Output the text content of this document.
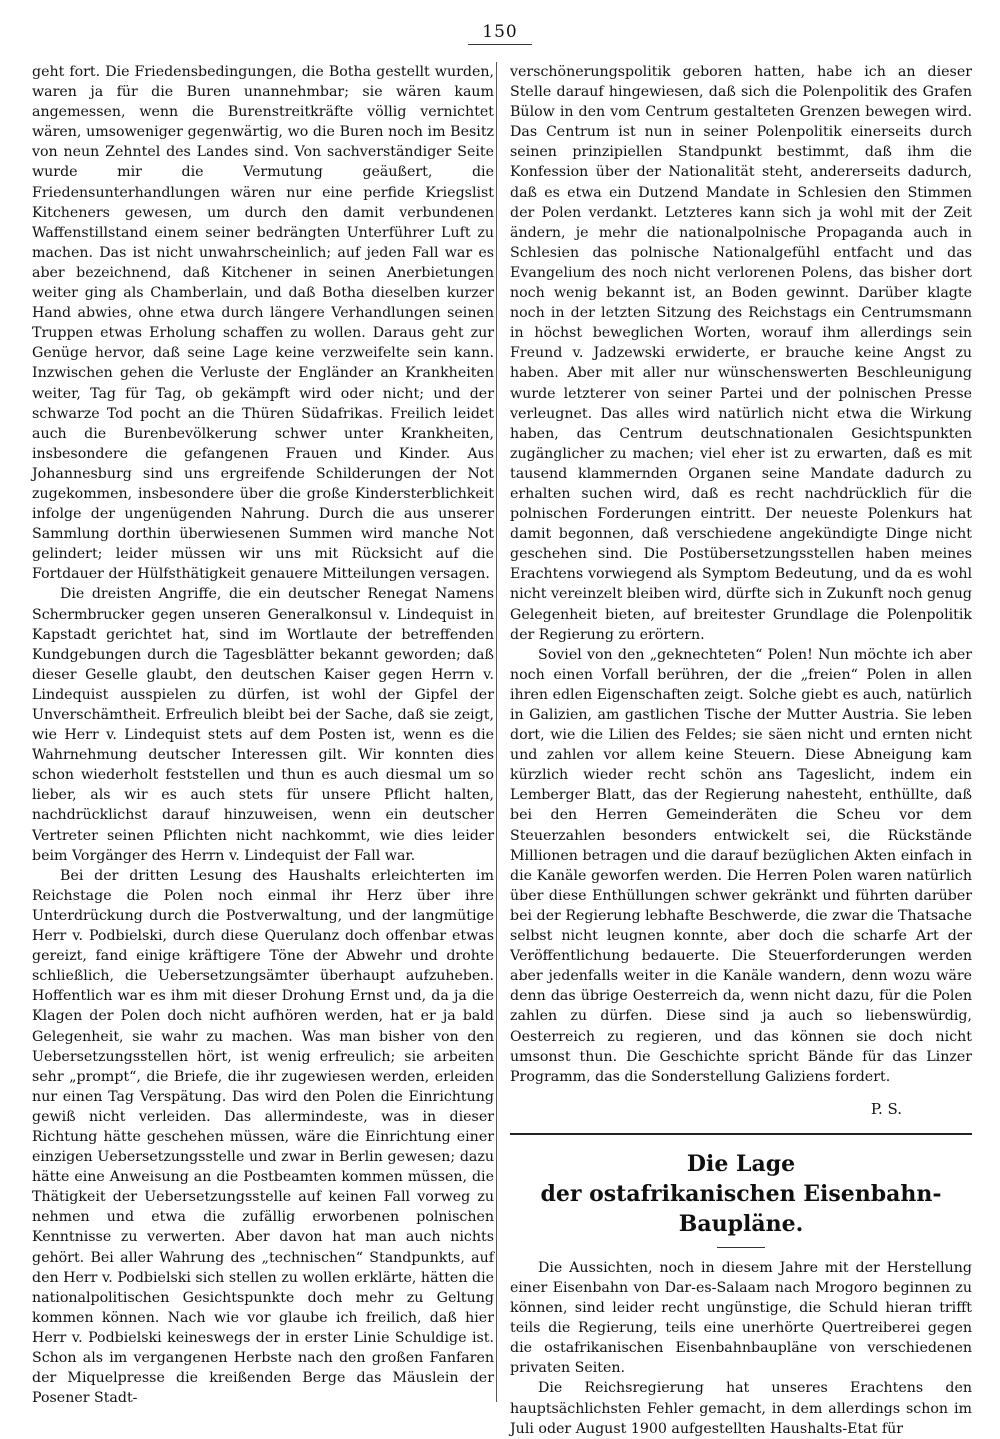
150

geht fort. Die Friedensbedingungen, die Botha gestellt wurden, waren ja für die Buren unannehmbar; sie wären kaum angemessen, wenn die Burenstreitkräfte völlig vernichtet wären, umsoweniger gegenwärtig, wo die Buren noch im Besitz von neun Zehntel des Landes sind. Von sachverständiger Seite wurde mir die Vermutung geäußert, die Friedensunterhandlungen wären nur eine perfide Kriegslist Kitcheners gewesen, um durch den damit verbundenen Waffenstillstand einem seiner bedrängten Unterführer Luft zu machen. Das ist nicht unwahrscheinlich; auf jeden Fall war es aber bezeichnend, daß Kitchener in seinen Anerbietungen weiter ging als Chamberlain, und daß Botha dieselben kurzer Hand abwies, ohne etwa durch längere Verhandlungen seinen Truppen etwas Erholung schaffen zu wollen. Daraus geht zur Genüge hervor, daß seine Lage keine verzweifelte sein kann. Inzwischen gehen die Verluste der Engländer an Krankheiten weiter, Tag für Tag, ob gekämpft wird oder nicht; und der schwarze Tod pocht an die Thüren Südafrikas. Freilich leidet auch die Burenbevölkerung schwer unter Krankheiten, insbesondere die gefangenen Frauen und Kinder. Aus Johannesburg sind uns ergreifende Schilderungen der Not zugekommen, insbesondere über die große Kindersterblichkeit infolge der ungenügenden Nahrung. Durch die aus unserer Sammlung dorthin überwiesenen Summen wird manche Not gelindert; leider müssen wir uns mit Rücksicht auf die Fortdauer der Hülfsthätigkeit genauere Mitteilungen versagen.

Die dreisten Angriffe, die ein deutscher Renegat Namens Schermbrucker gegen unseren Generalkonsul v. Lindequist in Kapstadt gerichtet hat, sind im Wortlaute der betreffenden Kundgebungen durch die Tagesblätter bekannt geworden; daß dieser Geselle glaubt, den deutschen Kaiser gegen Herrn v. Lindequist ausspielen zu dürfen, ist wohl der Gipfel der Unverschämtheit. Erfreulich bleibt bei der Sache, daß sie zeigt, wie Herr v. Lindequist stets auf dem Posten ist, wenn es die Wahrnehmung deutscher Interessen gilt. Wir konnten dies schon wiederholt feststellen und thun es auch diesmal um so lieber, als wir es auch stets für unsere Pflicht halten, nachdrücklichst darauf hinzuweisen, wenn ein deutscher Vertreter seinen Pflichten nicht nachkommt, wie dies leider beim Vorgänger des Herrn v. Lindequist der Fall war.

Bei der dritten Lesung des Haushalts erleichterten im Reichstage die Polen noch einmal ihr Herz über ihre Unterdrückung durch die Postverwaltung, und der langmütige Herr v. Podbielski, durch diese Querulanz doch offenbar etwas gereizt, fand einige kräftigere Töne der Abwehr und drohte schließlich, die Uebersetzungsämter überhaupt aufzuheben. Hoffentlich war es ihm mit dieser Drohung Ernst und, da ja die Klagen der Polen doch nicht aufhören werden, hat er ja bald Gelegenheit, sie wahr zu machen. Was man bisher von den Uebersetzungsstellen hört, ist wenig erfreulich; sie arbeiten sehr „prompt“, die Briefe, die ihr zugewiesen werden, erleiden nur einen Tag Verspätung. Das wird den Polen die Einrichtung gewiß nicht verleiden. Das allermindeste, was in dieser Richtung hätte geschehen müssen, wäre die Einrichtung einer einzigen Uebersetzungsstelle und zwar in Berlin gewesen; dazu hätte eine Anweisung an die Postbeamten kommen müssen, die Thätigkeit der Uebersetzungsstelle auf keinen Fall vorweg zu nehmen und etwa die zufällig erworbenen polnischen Kenntnisse zu verwerten. Aber davon hat man auch nichts gehört. Bei aller Wahrung des „technischen“ Standpunkts, auf den Herr v. Podbielski sich stellen zu wollen erklärte, hätten die nationalpolitischen Gesichtspunkte doch mehr zu Geltung kommen können. Nach wie vor glaube ich freilich, daß hier Herr v. Podbielski keineswegs der in erster Linie Schuldige ist. Schon als im vergangenen Herbste nach den großen Fanfaren der Miquelpresse die kreißenden Berge das Mäuslein der Posener Stadt-

verschönerungspolitik geboren hatten, habe ich an dieser Stelle darauf hingewiesen, daß sich die Polenpolitik des Grafen Bülow in den vom Centrum gestalteten Grenzen bewegen wird. Das Centrum ist nun in seiner Polenpolitik einerseits durch seinen prinzipiellen Standpunkt bestimmt, daß ihm die Konfession über der Nationalität steht, andererseits dadurch, daß es etwa ein Dutzend Mandate in Schlesien den Stimmen der Polen verdankt. Letzteres kann sich ja wohl mit der Zeit ändern, je mehr die nationalpolnische Propaganda auch in Schlesien das polnische Nationalgefühl entfacht und das Evangelium des noch nicht verlorenen Polens, das bisher dort noch wenig bekannt ist, an Boden gewinnt. Darüber klagte noch in der letzten Sitzung des Reichstags ein Centrumsmann in höchst beweglichen Worten, worauf ihm allerdings sein Freund v. Jadzewski erwiderte, er brauche keine Angst zu haben. Aber mit aller nur wünschenswerten Beschleunigung wurde letzterer von seiner Partei und der polnischen Presse verleugnet. Das alles wird natürlich nicht etwa die Wirkung haben, das Centrum deutschnationalen Gesichtspunkten zugänglicher zu machen; viel eher ist zu erwarten, daß es mit tausend klammernden Organen seine Mandate dadurch zu erhalten suchen wird, daß es recht nachdrücklich für die polnischen Forderungen eintritt. Der neueste Polenkurs hat damit begonnen, daß verschiedene angekündigte Dinge nicht geschehen sind. Die Postübersetzungsstellen haben meines Erachtens vorwiegend als Symptom Bedeutung, und da es wohl nicht vereinzelt bleiben wird, dürfte sich in Zukunft noch genug Gelegenheit bieten, auf breitester Grundlage die Polenpolitik der Regierung zu erörtern.

Soviel von den „geknechteten“ Polen! Nun möchte ich aber noch einen Vorfall berühren, der die „freien“ Polen in allen ihren edlen Eigenschaften zeigt. Solche giebt es auch, natürlich in Galizien, am gastlichen Tische der Mutter Austria. Sie leben dort, wie die Lilien des Feldes; sie säen nicht und ernten nicht und zahlen vor allem keine Steuern. Diese Abneigung kam kürzlich wieder recht schön ans Tageslicht, indem ein Lemberger Blatt, das der Regierung nahesteht, enthüllte, daß bei den Herren Gemeinderäten die Scheu vor dem Steuerzahlen besonders entwickelt sei, die Rückstände Millionen betragen und die darauf bezüglichen Akten einfach in die Kanäle geworfen werden. Die Herren Polen waren natürlich über diese Enthüllungen schwer gekränkt und führten darüber bei der Regierung lebhafte Beschwerde, die zwar die Thatsache selbst nicht leugnen konnte, aber doch die scharfe Art der Veröffentlichung bedauerte. Die Steuerforderungen werden aber jedenfalls weiter in die Kanäle wandern, denn wozu wäre denn das übrige Oesterreich da, wenn nicht dazu, für die Polen zahlen zu dürfen. Diese sind ja auch so liebenswürdig, Oesterreich zu regieren, und das können sie doch nicht umsonst thun. Die Geschichte spricht Bände für das Linzer Programm, das die Sonderstellung Galiziens fordert.

P. S.
Die Lage
der ostafrikanischen Eisenbahn-Baupläne.

Die Aussichten, noch in diesem Jahre mit der Herstellung einer Eisenbahn von Dar-es-Salaam nach Mrogoro beginnen zu können, sind leider recht ungünstige, die Schuld hieran trifft teils die Regierung, teils eine unerhörte Quertreiberei gegen die ostafrikanischen Eisenbahnbaupläne von verschiedenen privaten Seiten.

Die Reichsregierung hat unseres Erachtens den hauptsächlichsten Fehler gemacht, in dem allerdings schon im Juli oder August 1900 aufgestellten Haushalts-Etat für
